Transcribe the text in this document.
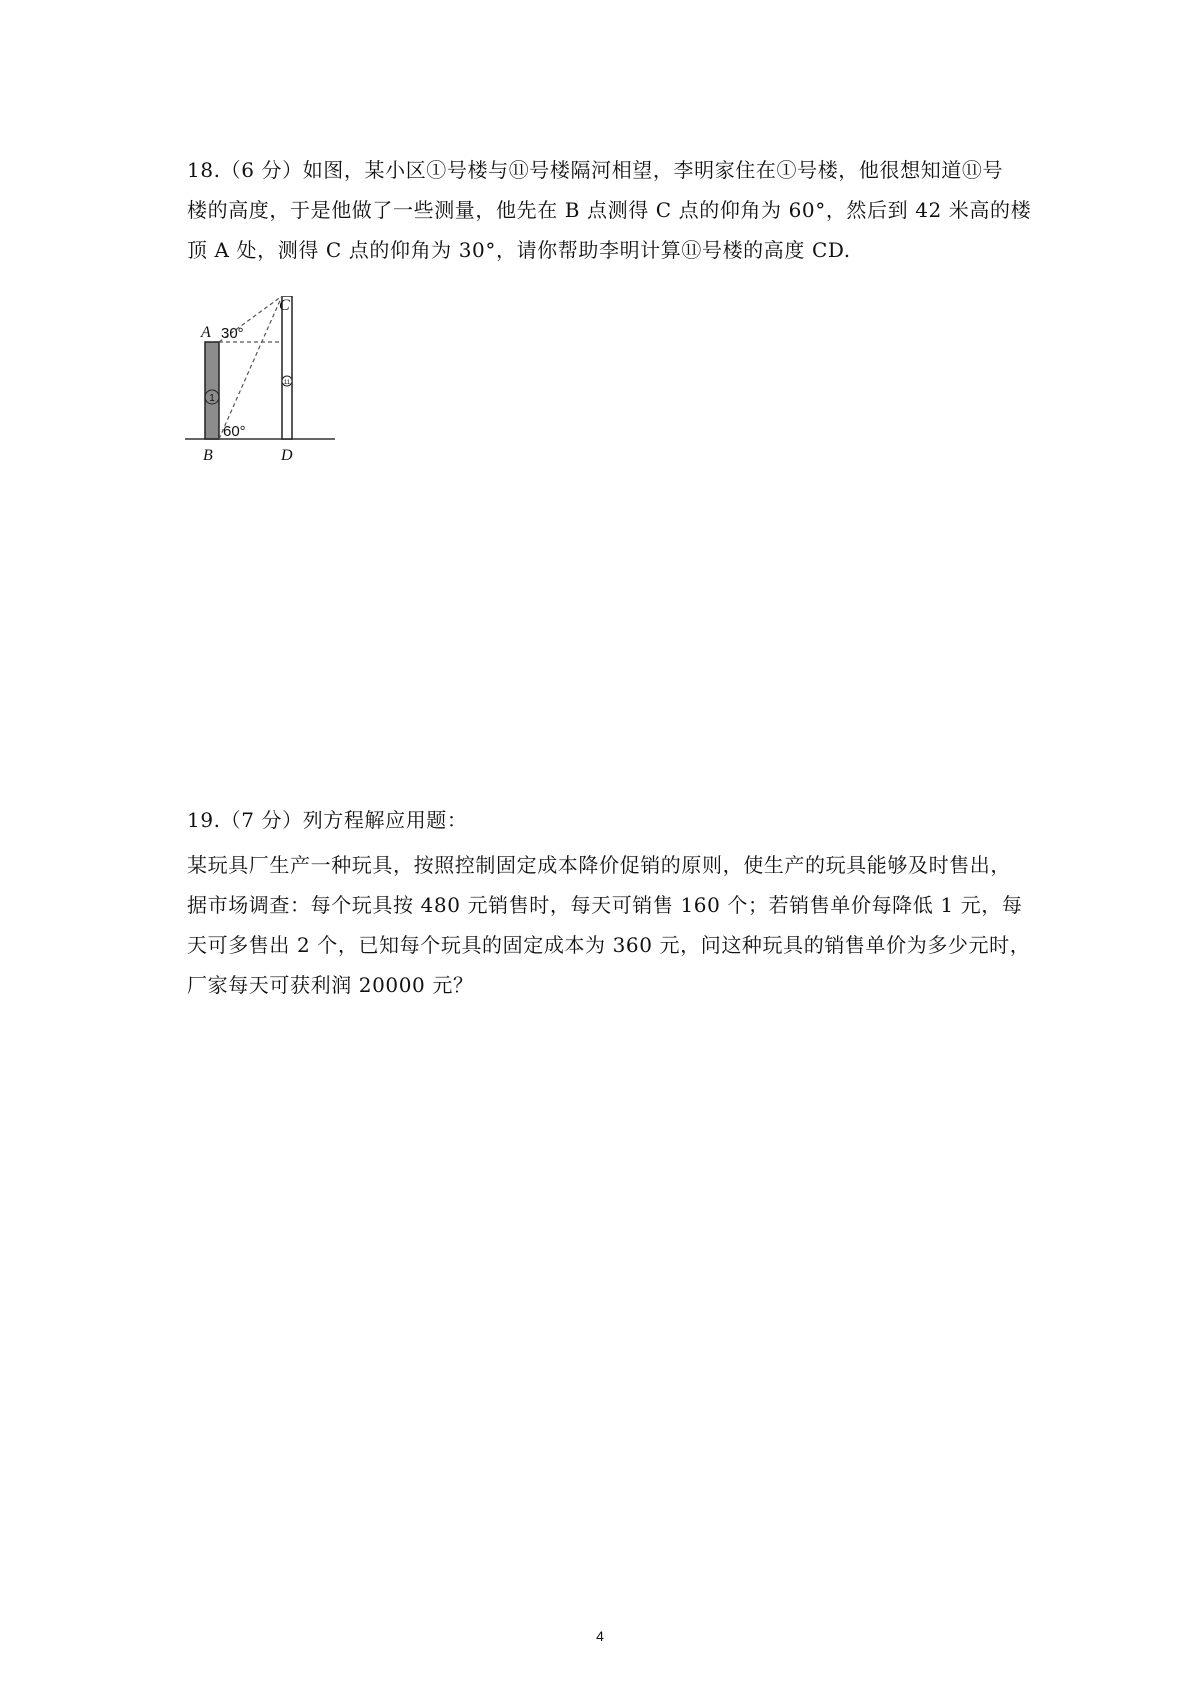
18.（6 分）如图，某小区①号楼与⑪号楼隔河相望，李明家住在①号楼，他很想知道⑪号
楼的高度，于是他做了一些测量，他先在 B 点测得 C 点的仰角为 60°，然后到 42 米高的楼
顶 A 处，测得 C 点的仰角为 30°，请你帮助李明计算⑪号楼的高度 CD.

1
11
30°
60°
A
B
C
D

19.（7 分）列方程解应用题：

某玩具厂生产一种玩具，按照控制固定成本降价促销的原则，使生产的玩具能够及时售出，
据市场调查：每个玩具按 480 元销售时，每天可销售 160 个；若销售单价每降低 1 元，每
天可多售出 2 个，已知每个玩具的固定成本为 360 元，问这种玩具的销售单价为多少元时，
厂家每天可获利润 20000 元？

4
